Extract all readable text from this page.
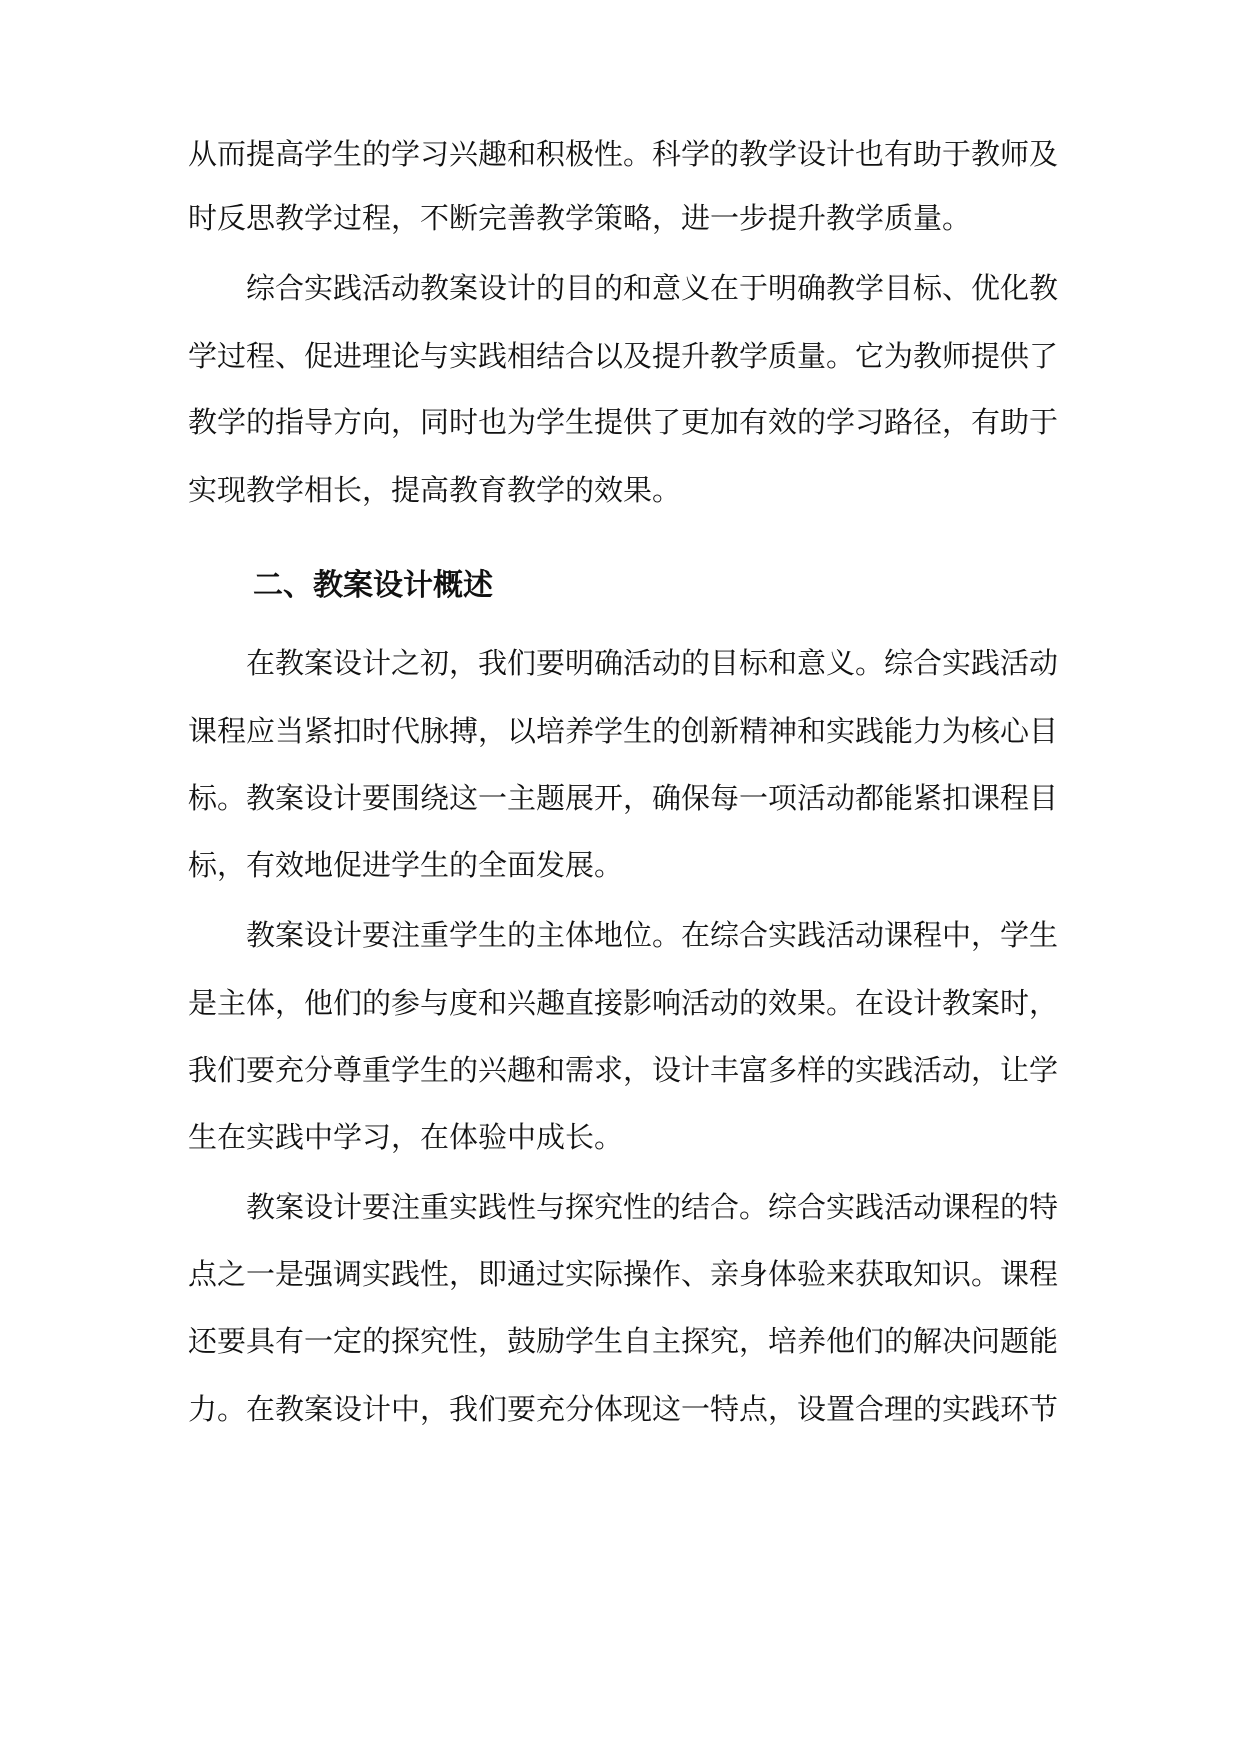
从而提高学生的学习兴趣和积极性。科学的教学设计也有助于教师及
时反思教学过程，不断完善教学策略，进一步提升教学质量。
综合实践活动教案设计的目的和意义在于明确教学目标、优化教
学过程、促进理论与实践相结合以及提升教学质量。它为教师提供了
教学的指导方向，同时也为学生提供了更加有效的学习路径，有助于
实现教学相长，提高教育教学的效果。
二、教案设计概述
在教案设计之初，我们要明确活动的目标和意义。综合实践活动
课程应当紧扣时代脉搏，以培养学生的创新精神和实践能力为核心目
标。教案设计要围绕这一主题展开，确保每一项活动都能紧扣课程目
标，有效地促进学生的全面发展。
教案设计要注重学生的主体地位。在综合实践活动课程中，学生
是主体，他们的参与度和兴趣直接影响活动的效果。在设计教案时，
我们要充分尊重学生的兴趣和需求，设计丰富多样的实践活动，让学
生在实践中学习，在体验中成长。
教案设计要注重实践性与探究性的结合。综合实践活动课程的特
点之一是强调实践性，即通过实际操作、亲身体验来获取知识。课程
还要具有一定的探究性，鼓励学生自主探究，培养他们的解决问题能
力。在教案设计中，我们要充分体现这一特点，设置合理的实践环节
